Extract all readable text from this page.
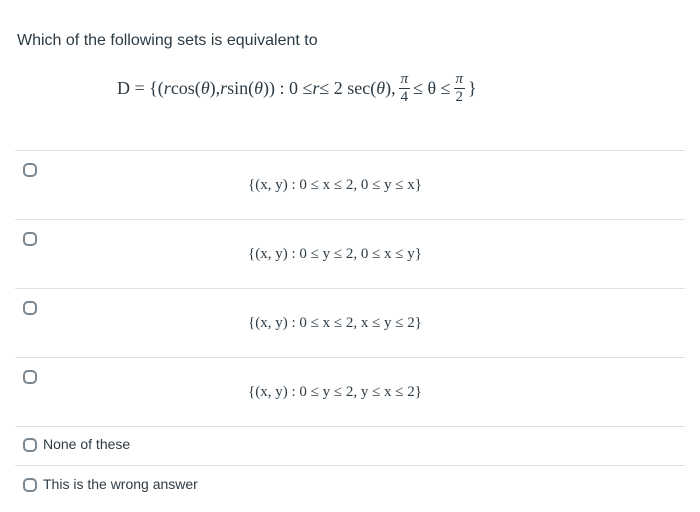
Which of the following sets is equivalent to
D = {( r cos( θ ), r sin( θ )) : 0 ≤ r ≤ 2 sec( θ ), $\frac{\pi}{4} \le \theta \le \frac{\pi}{2}$ }
{(x, y) : 0 ≤ x ≤ 2, 0 ≤ y ≤ x}
{(x, y) : 0 ≤ y ≤ 2, 0 ≤ x ≤ y}
{(x, y) : 0 ≤ x ≤ 2, x ≤ y ≤ 2}
{(x, y) : 0 ≤ y ≤ 2, y ≤ x ≤ 2}
None of these
This is the wrong answer
